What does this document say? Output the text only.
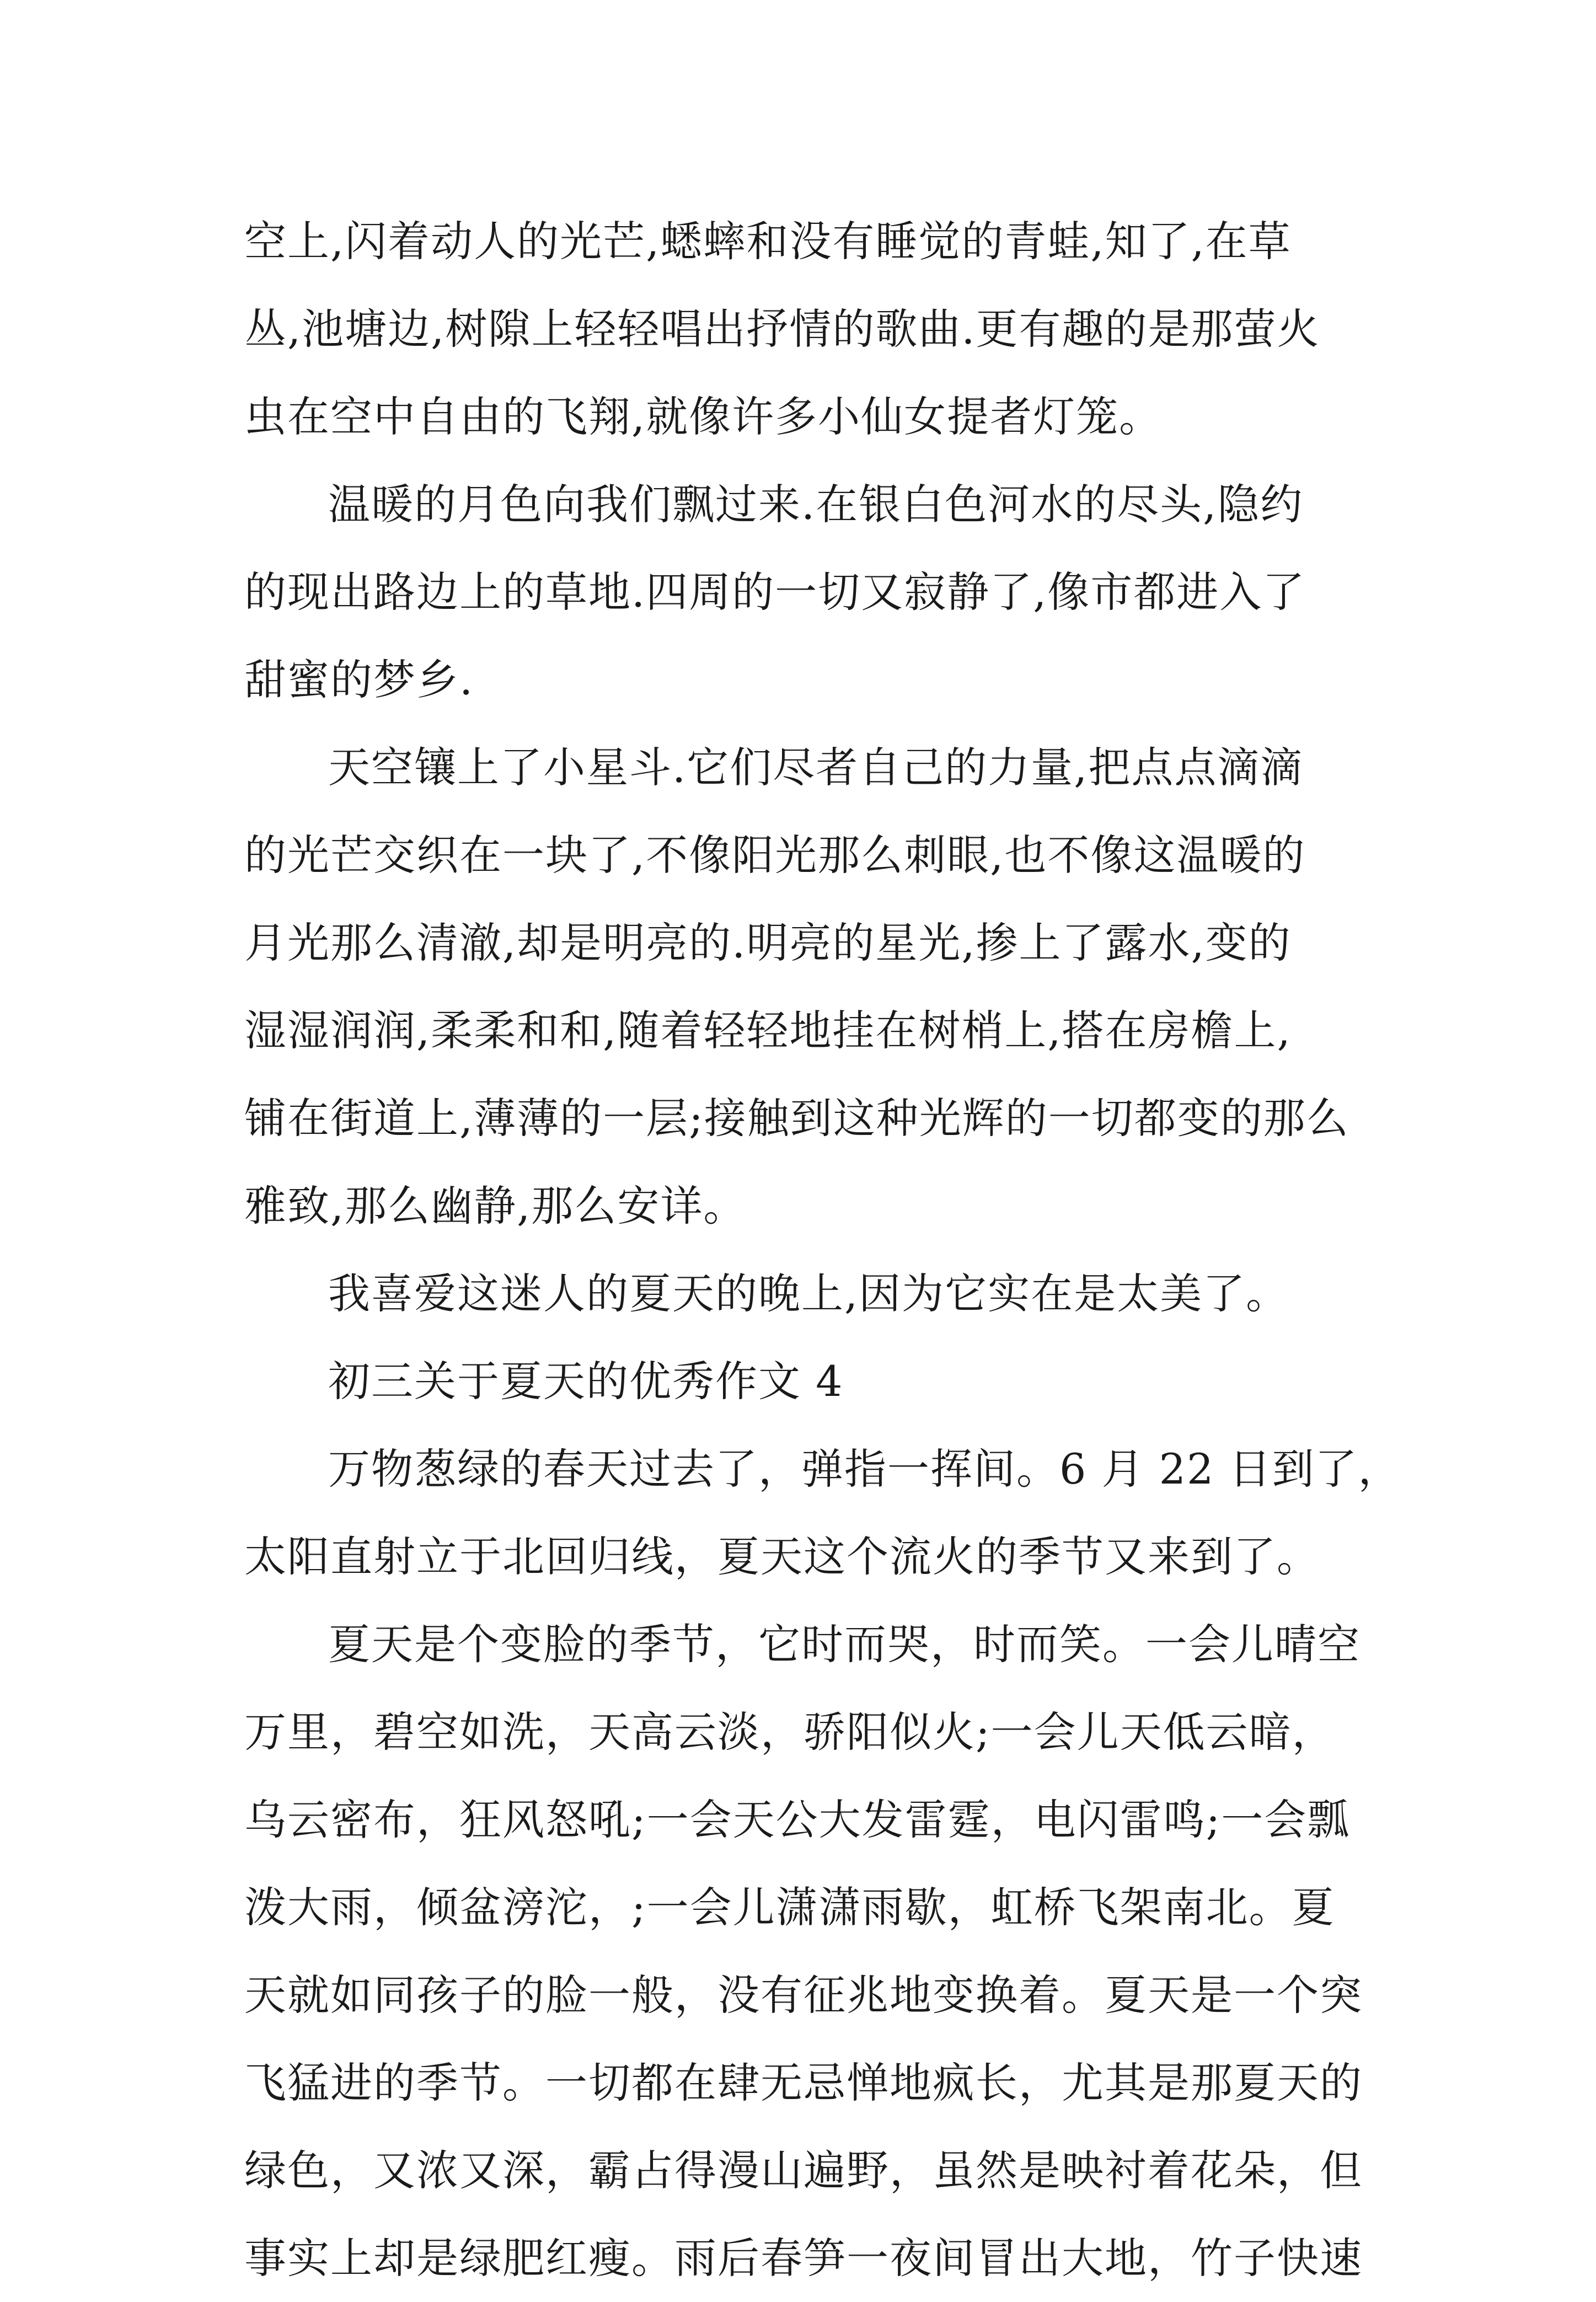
空上,闪着动人的光芒,蟋蟀和没有睡觉的青蛙,知了,在草
丛,池塘边,树隙上轻轻唱出抒情的歌曲.更有趣的是那萤火
虫在空中自由的飞翔,就像许多小仙女提者灯笼。

温暖的月色向我们飘过来.在银白色河水的尽头,隐约
的现出路边上的草地.四周的一切又寂静了,像市都进入了
甜蜜的梦乡.

天空镶上了小星斗.它们尽者自己的力量,把点点滴滴
的光芒交织在一块了,不像阳光那么刺眼,也不像这温暖的
月光那么清澈,却是明亮的.明亮的星光,掺上了露水,变的
湿湿润润,柔柔和和,随着轻轻地挂在树梢上,搭在房檐上,
铺在街道上,薄薄的一层;接触到这种光辉的一切都变的那么
雅致,那么幽静,那么安详。

我喜爱这迷人的夏天的晚上,因为它实在是太美了。

初三关于夏天的优秀作文 4

万物葱绿的春天过去了，弹指一挥间。6 月 22 日到了，
太阳直射立于北回归线，夏天这个流火的季节又来到了。

夏天是个变脸的季节，它时而哭，时而笑。一会儿晴空
万里，碧空如洗，天高云淡，骄阳似火;一会儿天低云暗，
乌云密布，狂风怒吼;一会天公大发雷霆，电闪雷鸣;一会瓢
泼大雨，倾盆滂沱，;一会儿潇潇雨歇，虹桥飞架南北。夏
天就如同孩子的脸一般，没有征兆地变换着。夏天是一个突
飞猛进的季节。一切都在肆无忌惮地疯长，尤其是那夏天的
绿色，又浓又深，霸占得漫山遍野，虽然是映衬着花朵，但
事实上却是绿肥红瘦。雨后春笋一夜间冒出大地，竹子快速
